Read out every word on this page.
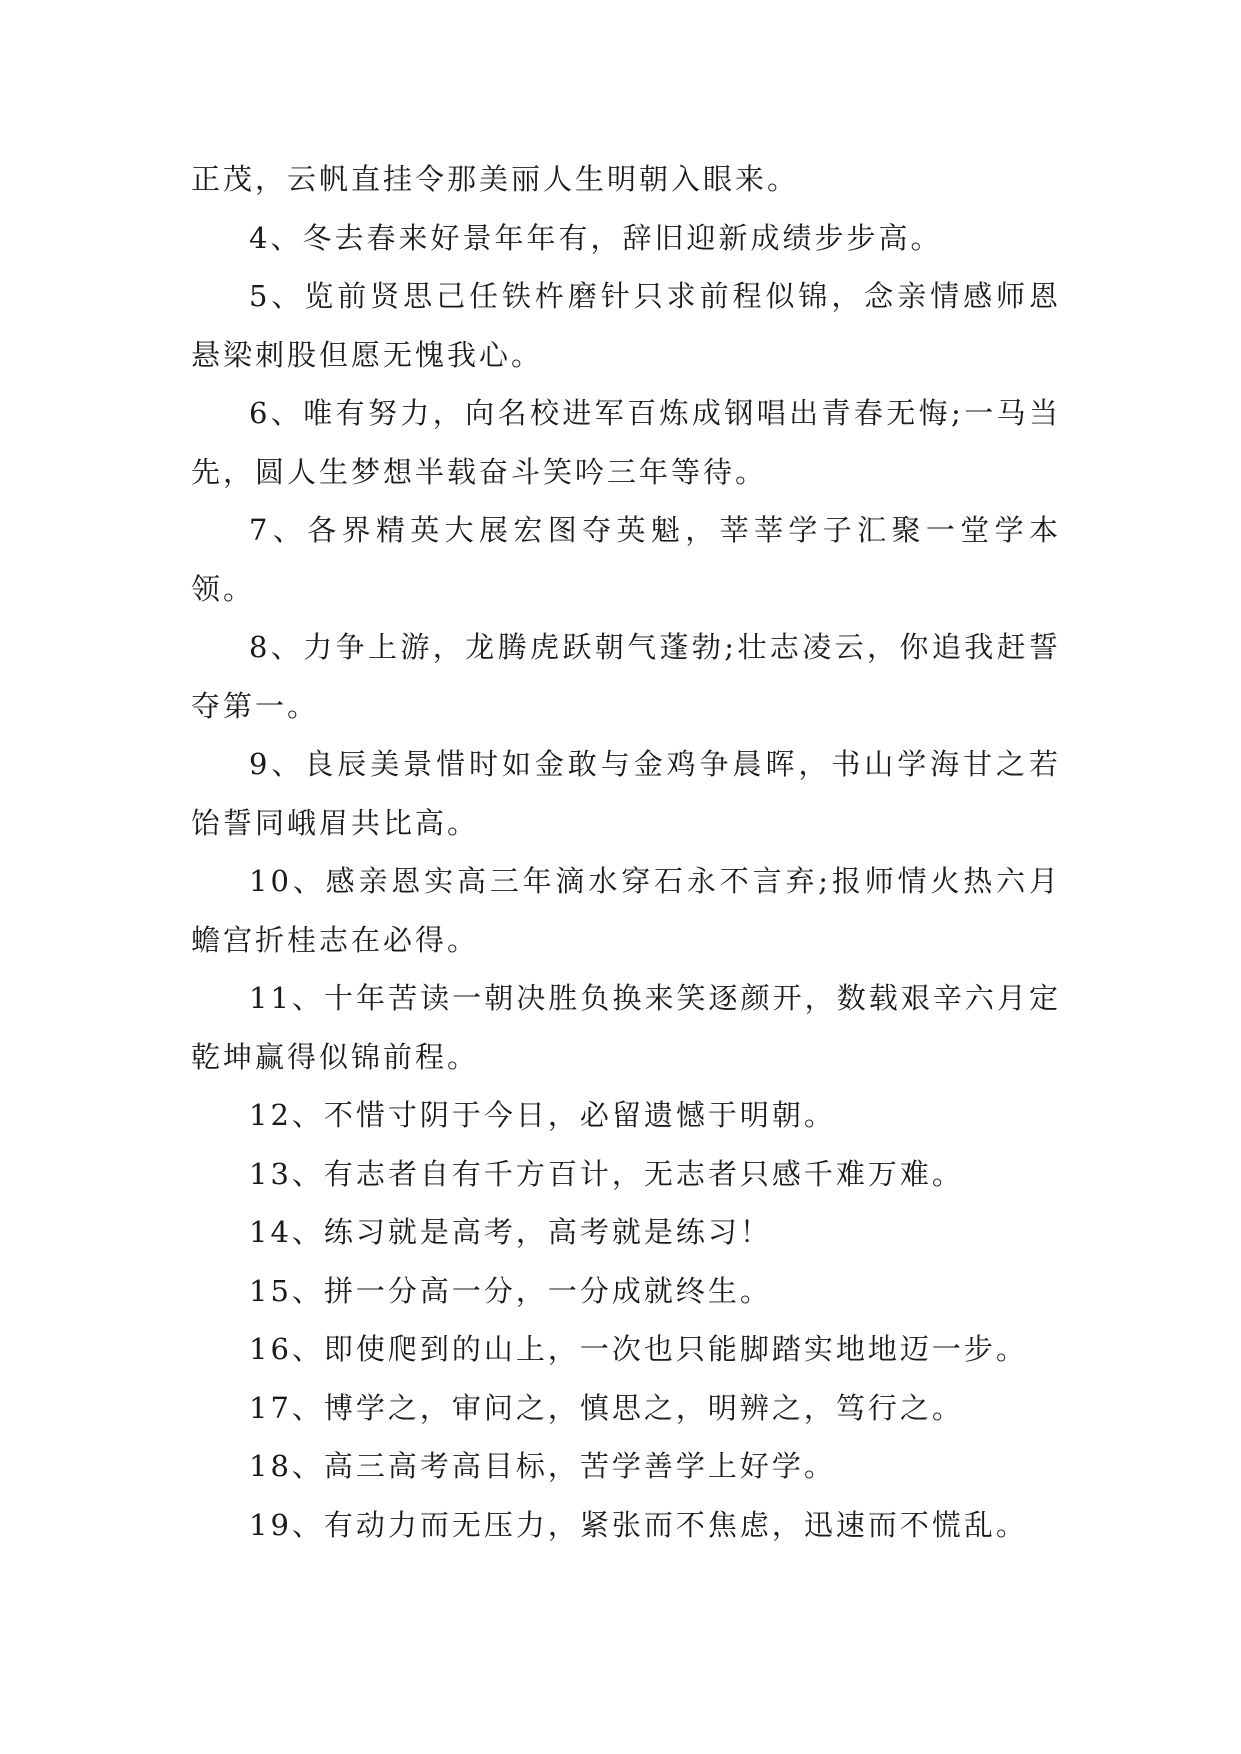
正茂，云帆直挂令那美丽人生明朝入眼来。

4、冬去春来好景年年有，辞旧迎新成绩步步高。

5、览前贤思己任铁杵磨针只求前程似锦，念亲情感师恩悬梁刺股但愿无愧我心。

6、唯有努力，向名校进军百炼成钢唱出青春无悔;一马当先，圆人生梦想半载奋斗笑吟三年等待。

7、各界精英大展宏图夺英魁，莘莘学子汇聚一堂学本领。

8、力争上游，龙腾虎跃朝气蓬勃;壮志凌云，你追我赶誓夺第一。

9、良辰美景惜时如金敢与金鸡争晨晖，书山学海甘之若饴誓同峨眉共比高。

10、感亲恩实高三年滴水穿石永不言弃;报师情火热六月蟾宫折桂志在必得。

11、十年苦读一朝决胜负换来笑逐颜开，数载艰辛六月定乾坤赢得似锦前程。

12、不惜寸阴于今日，必留遗憾于明朝。

13、有志者自有千方百计，无志者只感千难万难。

14、练习就是高考，高考就是练习！

15、拼一分高一分，一分成就终生。

16、即使爬到的山上，一次也只能脚踏实地地迈一步。

17、博学之，审问之，慎思之，明辨之，笃行之。

18、高三高考高目标，苦学善学上好学。

19、有动力而无压力，紧张而不焦虑，迅速而不慌乱。
